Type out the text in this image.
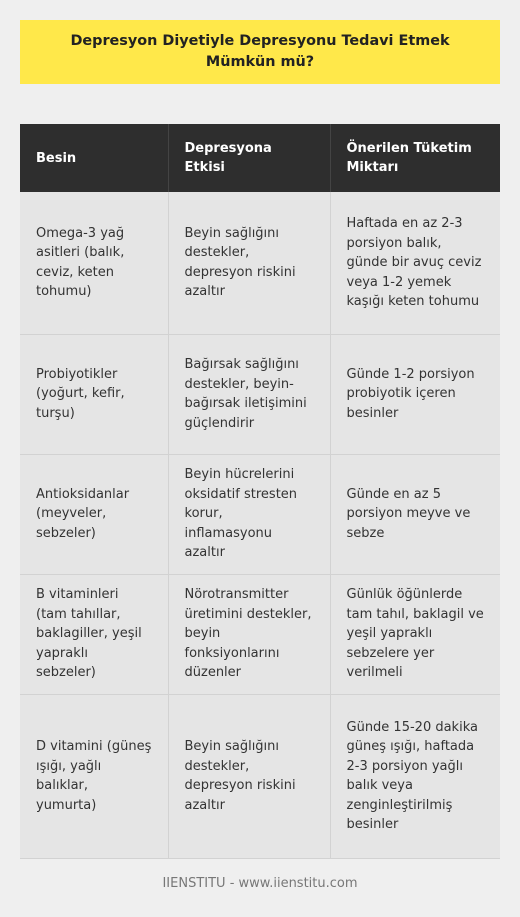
Depresyon Diyetiyle Depresyonu Tedavi Etmek Mümkün mü?
Besin	Depresyona Etkisi	Önerilen Tüketim Miktarı
Omega-3 yağ asitleri (balık, ceviz, keten tohumu)	Beyin sağlığını destekler, depresyon riskini azaltır	Haftada en az 2-3 porsiyon balık, günde bir avuç ceviz veya 1-2 yemek kaşığı keten tohumu
Probiyotikler (yoğurt, kefir, turşu)	Bağırsak sağlığını destekler, beyin-bağırsak iletişimini güçlendirir	Günde 1-2 porsiyon probiyotik içeren besinler
Antioksidanlar (meyveler, sebzeler)	Beyin hücrelerini oksidatif stresten korur, inflamasyonu azaltır	Günde en az 5 porsiyon meyve ve sebze
B vitaminleri (tam tahıllar, baklagiller, yeşil yapraklı sebzeler)	Nörotransmitter üretimini destekler, beyin fonksiyonlarını düzenler	Günlük öğünlerde tam tahıl, baklagil ve yeşil yapraklı sebzelere yer verilmeli
D vitamini (güneş ışığı, yağlı balıklar, yumurta)	Beyin sağlığını destekler, depresyon riskini azaltır	Günde 15-20 dakika güneş ışığı, haftada 2-3 porsiyon yağlı balık veya zenginleştirilmiş besinler
IIENSTITU - www.iienstitu.com
